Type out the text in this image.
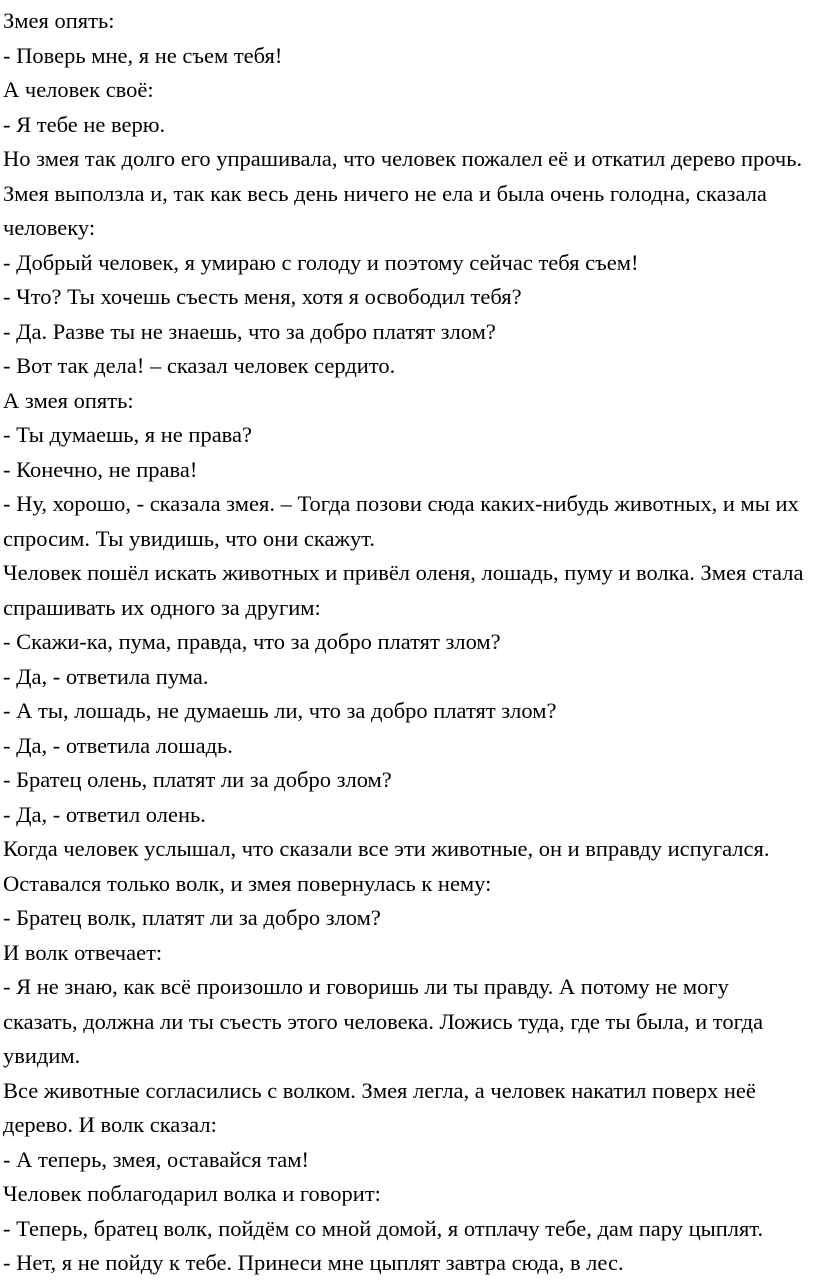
Змея опять:

- Поверь мне, я не съем тебя!

А человек своё:

- Я тебе не верю.

Но змея так долго его упрашивала, что человек пожалел её и откатил дерево прочь.

Змея выползла и, так как весь день ничего не ела и была очень голодна, сказала человеку:

- Добрый человек, я умираю с голоду и поэтому сейчас тебя съем!

- Что? Ты хочешь съесть меня, хотя я освободил тебя?

- Да. Разве ты не знаешь, что за добро платят злом?

- Вот так дела! – сказал человек сердито.

А змея опять:

- Ты думаешь, я не права?

- Конечно, не права!

- Ну, хорошо, - сказала змея. – Тогда позови сюда каких-нибудь животных, и мы их спросим. Ты увидишь, что они скажут.

Человек пошёл искать животных и привёл оленя, лошадь, пуму и волка. Змея стала спрашивать их одного за другим:

- Скажи-ка, пума, правда, что за добро платят злом?

- Да, - ответила пума.

- А ты, лошадь, не думаешь ли, что за добро платят злом?

- Да, - ответила лошадь.

- Братец олень, платят ли за добро злом?

- Да, - ответил олень.

Когда человек услышал, что сказали все эти животные, он и вправду испугался. Оставался только волк, и змея повернулась к нему:

- Братец волк, платят ли за добро злом?

И волк отвечает:

- Я не знаю, как всё произошло и говоришь ли ты правду. А потому не могу сказать, должна ли ты съесть этого человека. Ложись туда, где ты была, и тогда увидим.

Все животные согласились с волком. Змея легла, а человек накатил поверх неё дерево. И волк сказал:

- А теперь, змея, оставайся там!

Человек поблагодарил волка и говорит:

- Теперь, братец волк, пойдём со мной домой, я отплачу тебе, дам пару цыплят.

- Нет, я не пойду к тебе. Принеси мне цыплят завтра сюда, в лес.
